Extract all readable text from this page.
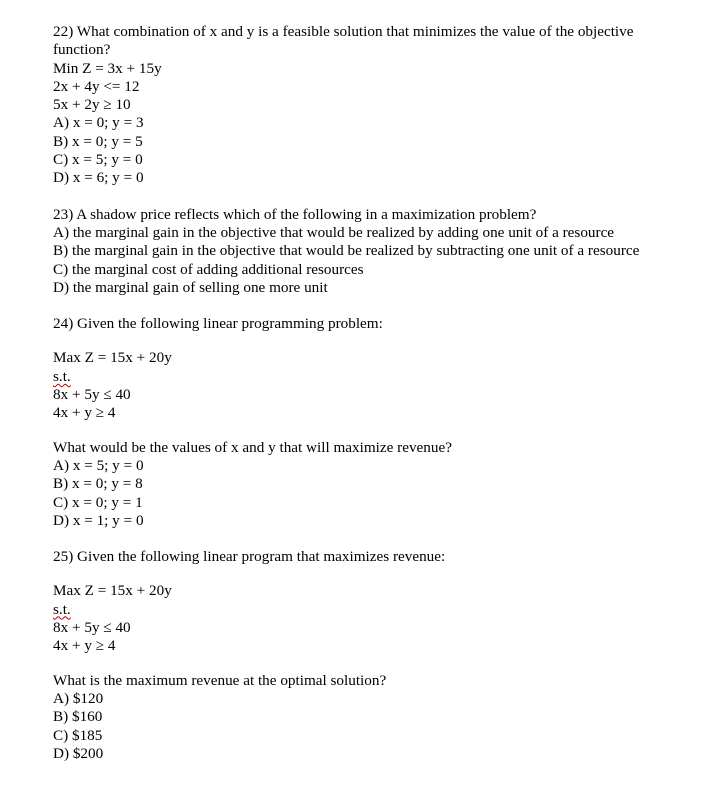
22) What combination of x and y is a feasible solution that minimizes the value of the objective function?
Min Z = 3x + 15y
2x + 4y <= 12
5x + 2y ≥ 10
A) x = 0; y = 3
B) x = 0; y = 5
C) x = 5; y = 0
D) x = 6; y = 0
23) A shadow price reflects which of the following in a maximization problem?
A) the marginal gain in the objective that would be realized by adding one unit of a resource
B) the marginal gain in the objective that would be realized by subtracting one unit of a resource
C) the marginal cost of adding additional resources
D) the marginal gain of selling one more unit
24) Given the following linear programming problem:
Max Z = 15x + 20y
s.t.
8x + 5y ≤ 40
4x + y ≥ 4
What would be the values of x and y that will maximize revenue?
A) x = 5; y = 0
B) x = 0; y = 8
C) x = 0; y = 1
D) x = 1; y = 0
25) Given the following linear program that maximizes revenue:
Max Z = 15x + 20y
s.t.
8x + 5y ≤ 40
4x + y ≥ 4
What is the maximum revenue at the optimal solution?
A) $120
B) $160
C) $185
D) $200
